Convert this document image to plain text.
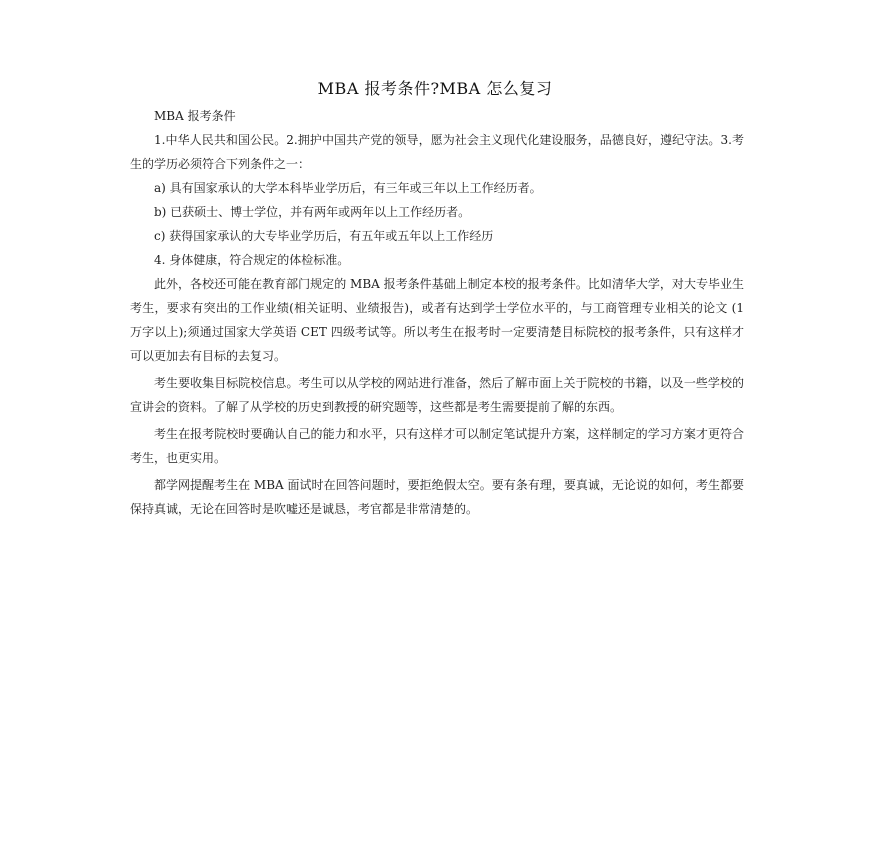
MBA 报考条件?MBA 怎么复习

MBA 报考条件

1.中华人民共和国公民。2.拥护中国共产党的领导，愿为社会主义现代化建设服务，品德良好，遵纪守法。3.考生的学历必须符合下列条件之一：

a) 具有国家承认的大学本科毕业学历后，有三年或三年以上工作经历者。

b) 已获硕士、博士学位，并有两年或两年以上工作经历者。

c) 获得国家承认的大专毕业学历后，有五年或五年以上工作经历

4. 身体健康，符合规定的体检标准。

此外，各校还可能在教育部门规定的 MBA 报考条件基础上制定本校的报考条件。比如清华大学，对大专毕业生考生，要求有突出的工作业绩(相关证明、业绩报告)，或者有达到学士学位水平的，与工商管理专业相关的论文 (1 万字以上);须通过国家大学英语 CET 四级考试等。所以考生在报考时一定要清楚目标院校的报考条件，只有这样才可以更加去有目标的去复习。

考生要收集目标院校信息。考生可以从学校的网站进行准备，然后了解市面上关于院校的书籍，以及一些学校的宣讲会的资料。了解了从学校的历史到教授的研究题等，这些都是考生需要提前了解的东西。

考生在报考院校时要确认自己的能力和水平，只有这样才可以制定笔试提升方案，这样制定的学习方案才更符合考生，也更实用。

都学网提醒考生在 MBA 面试时在回答问题时，要拒绝假太空。要有条有理，要真诚，无论说的如何，考生都要保持真诚，无论在回答时是吹嘘还是诚恳，考官都是非常清楚的。
